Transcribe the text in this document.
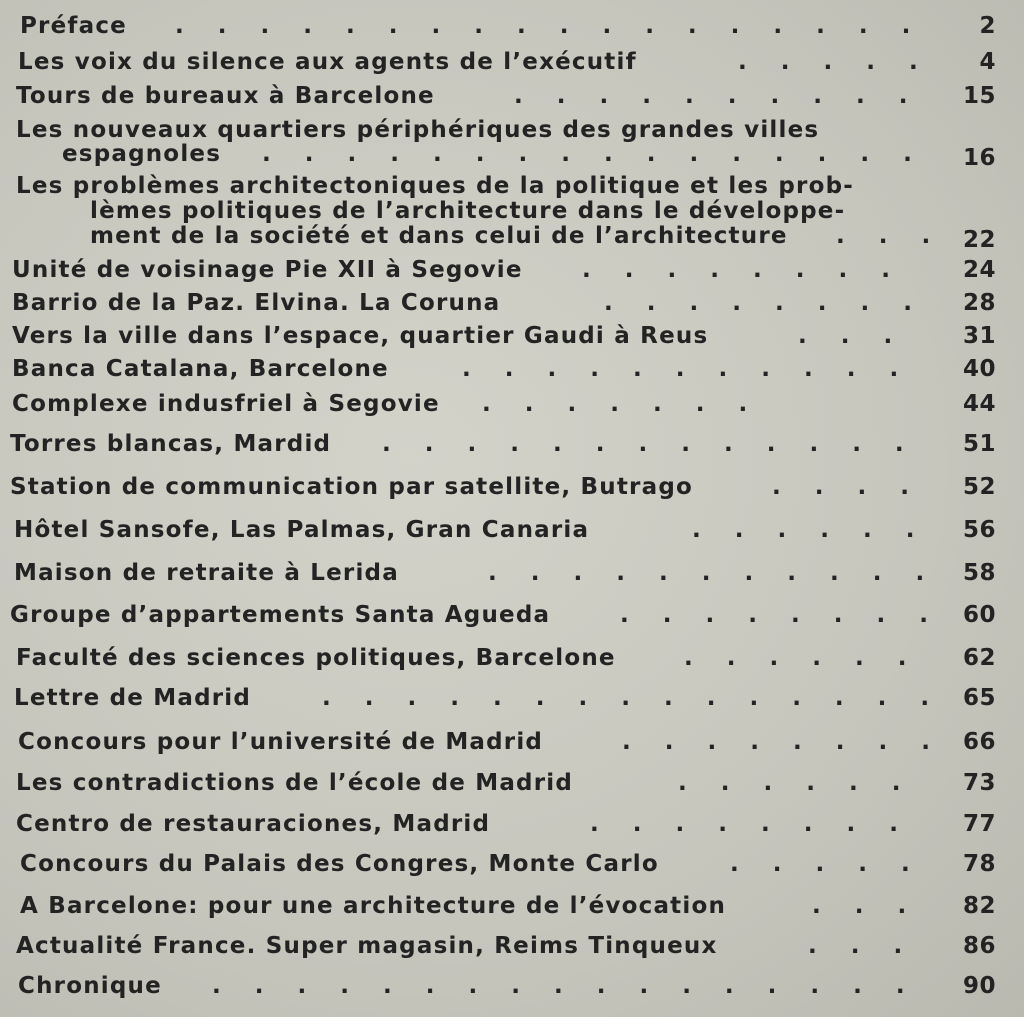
Préface . . . . . . . . . . . . . . . . . . 2
Les voix du silence aux agents de l’exécutif	. . . . . 4
Tours de bureaux à Barcelone	. . . . . . . . . . 15
Les nouveaux quartiers périphériques des grandes villes
espagnoles . . . . . . . . . . . . . . . . 16
Les problèmes architectoniques de la politique et les prob-
lèmes politiques de l’architecture dans le développe-
ment de la société et dans celui de l’architecture . . . 22
Unité de voisinage Pie XII à Segovie	. . . . . . . .	24
Barrio de la Paz. Elvina. La Coruna	. . . . . . . . 28
Vers la ville dans l’espace, quartier Gaudi à Reus	. . .	31
Banca Catalana, Barcelone	. . . . . . . . . . . 40
Complexe indusfriel à Segovie . . . . . . .	44
Torres blancas, Mardid . . . . . . . . . . . . . 51
Station de communication par satellite, Butrago	. . . . 52
Hôtel Sansofe, Las Palmas, Gran Canaria	. . . . . . 56
Maison de retraite à Lerida	. . . . . . . . . . . 58
Groupe d’appartements Santa Agueda	. . . . . . . . 60
Faculté des sciences politiques, Barcelone	. . . . . . 62
Lettre de Madrid	. . . . . . . . . . . . . . . 65
Concours pour l’université de Madrid	. . . . . . . . 66
Les contradictions de l’école de Madrid	. . . . . . 73
Centro de restauraciones, Madrid	. . . . . . . . 77
Concours du Palais des Congres, Monte Carlo	. . . . . 78
A Barcelone: pour une architecture de l’évocation	. . . 82
Actualité France. Super magasin, Reims Tinqueux	. . . 86
Chronique . . . . . . . . . . . . . . . . . 90
